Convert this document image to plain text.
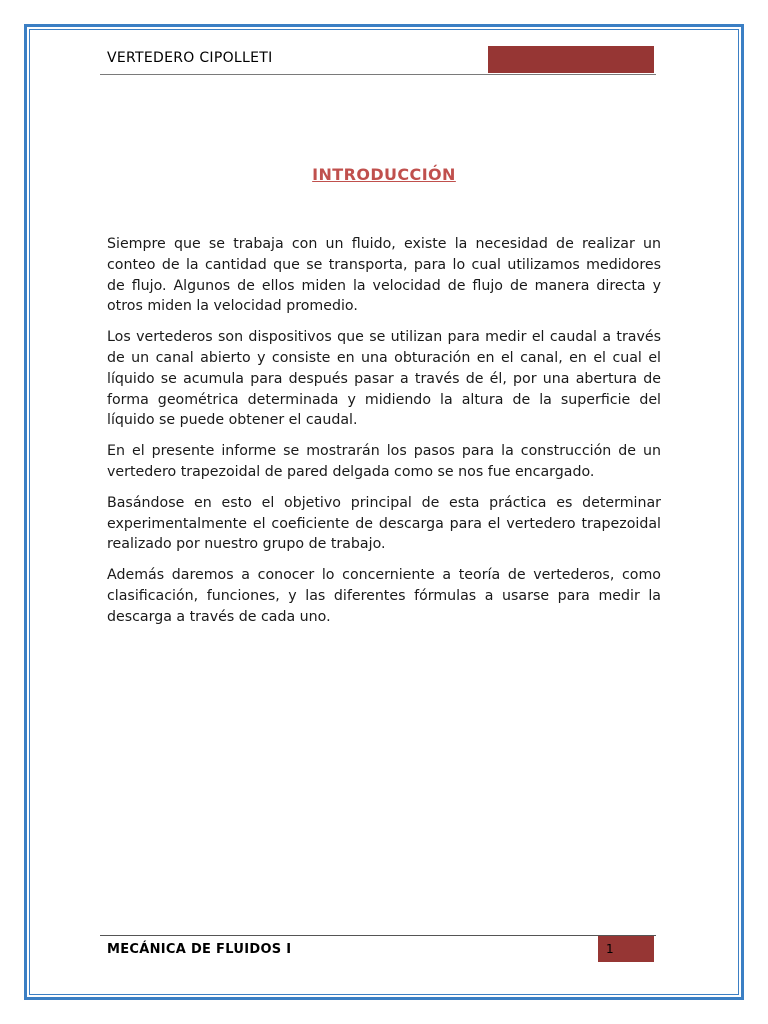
VERTEDERO CIPOLLETI
INTRODUCCIÓN

Siempre que se trabaja con un fluido, existe la necesidad de realizar un conteo de la cantidad que se transporta, para lo cual utilizamos medidores de flujo. Algunos de ellos miden la velocidad de flujo de manera directa y otros miden la velocidad promedio.

Los vertederos son dispositivos que se utilizan para medir el caudal a través de un canal abierto y consiste en una obturación en el canal, en el cual el líquido se acumula para después pasar a través de él, por una abertura de forma geométrica determinada y midiendo la altura de la superficie del líquido se puede obtener el caudal.

En el presente informe se mostrarán los pasos para la construcción de un vertedero trapezoidal de pared delgada como se nos fue encargado.

Basándose en esto el objetivo principal de esta práctica es determinar experimentalmente el coeficiente de descarga para el vertedero trapezoidal realizado por nuestro grupo de trabajo.

Además daremos a conocer lo concerniente a teoría de vertederos, como clasificación, funciones, y las diferentes fórmulas a usarse para medir la descarga a través de cada uno.

MECÁNICA DE FLUIDOS I	1
